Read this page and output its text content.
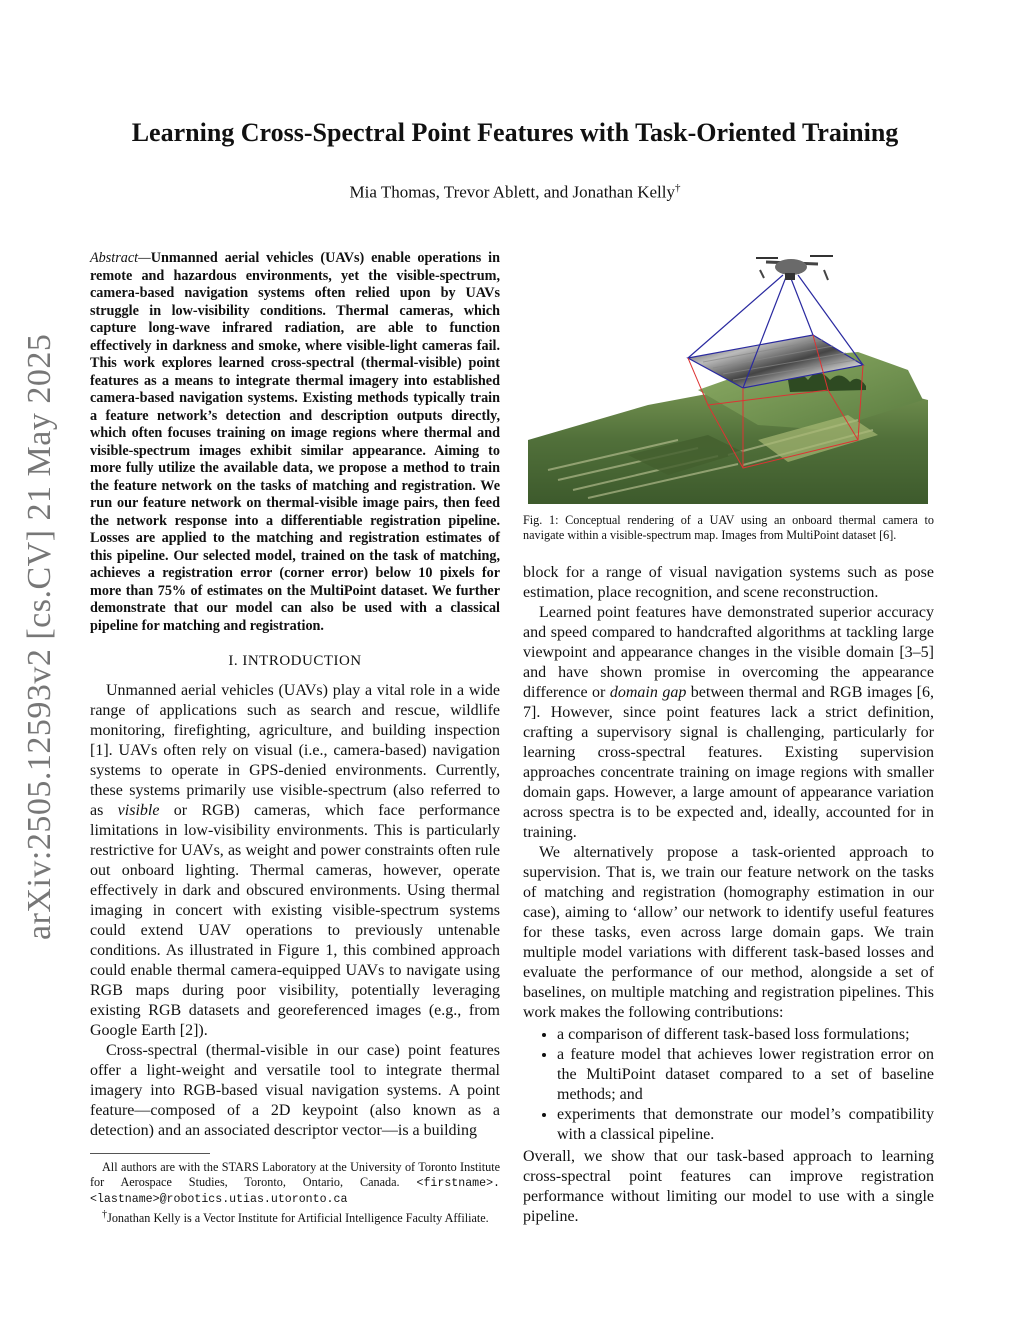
arXiv:2505.12593v2 [cs.CV] 21 May 2025
Learning Cross-Spectral Point Features with Task-Oriented Training
Mia Thomas, Trevor Ablett, and Jonathan Kelly†
Abstract—Unmanned aerial vehicles (UAVs) enable operations in remote and hazardous environments, yet the visible-spectrum, camera-based navigation systems often relied upon by UAVs struggle in low-visibility conditions. Thermal cameras, which capture long-wave infrared radiation, are able to function effectively in darkness and smoke, where visible-light cameras fail. This work explores learned cross-spectral (thermal-visible) point features as a means to integrate thermal imagery into established camera-based navigation systems. Existing methods typically train a feature network’s detection and description outputs directly, which often focuses training on image regions where thermal and visible-spectrum images exhibit similar appearance. Aiming to more fully utilize the available data, we propose a method to train the feature network on the tasks of matching and registration. We run our feature network on thermal-visible image pairs, then feed the network response into a differentiable registration pipeline. Losses are applied to the matching and registration estimates of this pipeline. Our selected model, trained on the task of matching, achieves a registration error (corner error) below 10 pixels for more than 75% of estimates on the MultiPoint dataset. We further demonstrate that our model can also be used with a classical pipeline for matching and registration.
I. INTRODUCTION

Unmanned aerial vehicles (UAVs) play a vital role in a wide range of applications such as search and rescue, wildlife monitoring, firefighting, agriculture, and building inspection [1]. UAVs often rely on visual (i.e., camera-based) navigation systems to operate in GPS-denied environments. Currently, these systems primarily use visible-spectrum (also referred to as visible or RGB) cameras, which face performance limitations in low-visibility environments. This is particularly restrictive for UAVs, as weight and power constraints often rule out onboard lighting. Thermal cameras, however, operate effectively in dark and obscured environments. Using thermal imaging in concert with existing visible-spectrum systems could extend UAV operations to previously untenable conditions. As illustrated in Figure 1, this combined approach could enable thermal camera-equipped UAVs to navigate using RGB maps during poor visibility, potentially leveraging existing RGB datasets and georeferenced images (e.g., from Google Earth [2]).

Cross-spectral (thermal-visible in our case) point features offer a light-weight and versatile tool to integrate thermal imagery into RGB-based visual navigation systems. A point feature—composed of a 2D keypoint (also known as a detection) and an associated descriptor vector—is a building

All authors are with the STARS Laboratory at the University of Toronto Institute for Aerospace Studies, Toronto, Ontario, Canada. <firstname>.<lastname>@robotics.utias.utoronto.ca
†Jonathan Kelly is a Vector Institute for Artificial Intelligence Faculty Affiliate.
Fig. 1: Conceptual rendering of a UAV using an onboard thermal camera to navigate within a visible-spectrum map. Images from MultiPoint dataset [6].

block for a range of visual navigation systems such as pose estimation, place recognition, and scene reconstruction.

Learned point features have demonstrated superior accuracy and speed compared to handcrafted algorithms at tackling large viewpoint and appearance changes in the visible domain [3–5] and have shown promise in overcoming the appearance difference or domain gap between thermal and RGB images [6, 7]. However, since point features lack a strict definition, crafting a supervisory signal is challenging, particularly for learning cross-spectral features. Existing supervision approaches concentrate training on image regions with smaller domain gaps. However, a large amount of appearance variation across spectra is to be expected and, ideally, accounted for in training.

We alternatively propose a task-oriented approach to supervision. That is, we train our feature network on the tasks of matching and registration (homography estimation in our case), aiming to ‘allow’ our network to identify useful features for these tasks, even across large domain gaps. We train multiple model variations with different task-based losses and evaluate the performance of our method, alongside a set of baselines, on multiple matching and registration pipelines. This work makes the following contributions:

• a comparison of different task-based loss formulations;
• a feature model that achieves lower registration error on the MultiPoint dataset compared to a set of baseline methods; and
• experiments that demonstrate our model’s compatibility with a classical pipeline.

Overall, we show that our task-based approach to learning cross-spectral point features can improve registration performance without limiting our model to use with a single pipeline.
